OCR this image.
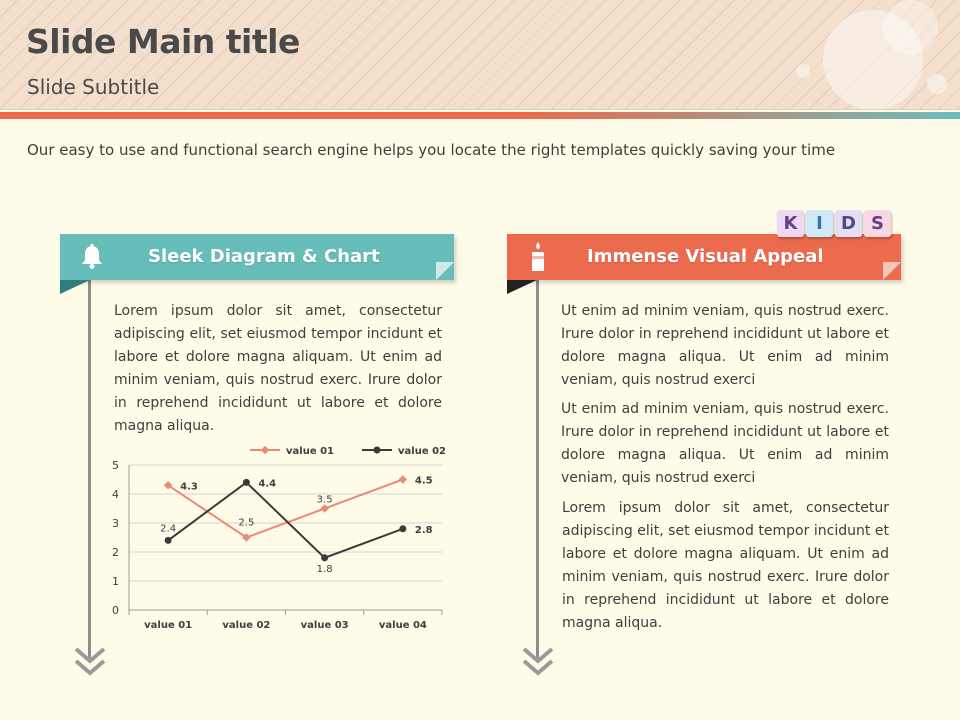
Slide Main title
Slide Subtitle
Our easy to use and functional search engine helps you locate the right templates quickly saving your time
Sleek Diagram & Chart	Immense Visual Appeal
K	I	D S

Lorem ipsum dolor sit amet, consectetur adipiscing elit, set eiusmod tempor incidunt et labore et dolore magna aliquam. Ut enim ad minim veniam, quis nostrud exerc. Irure dolor in reprehend incididunt ut labore et dolore magna aliqua.

Ut enim ad minim veniam, quis nostrud exerc. Irure dolor in reprehend incididunt ut labore et dolore magna aliqua. Ut enim ad minim veniam, quis nostrud exerci

Ut enim ad minim veniam, quis nostrud exerc. Irure dolor in reprehend incididunt ut labore et dolore magna aliqua. Ut enim ad minim veniam, quis nostrud exerci

Lorem ipsum dolor sit amet, consectetur adipiscing elit, set eiusmod tempor incidunt et labore et dolore magna aliquam. Ut enim ad minim veniam, quis nostrud exerc. Irure dolor in reprehend incididunt ut labore et dolore magna aliqua.

0
1
2
3
4
5
value 01	value 02	value 03	value 04
4.3
2.5
3.5
4.5
2.4
4.4
1.8
2.8
value 01	value 02
